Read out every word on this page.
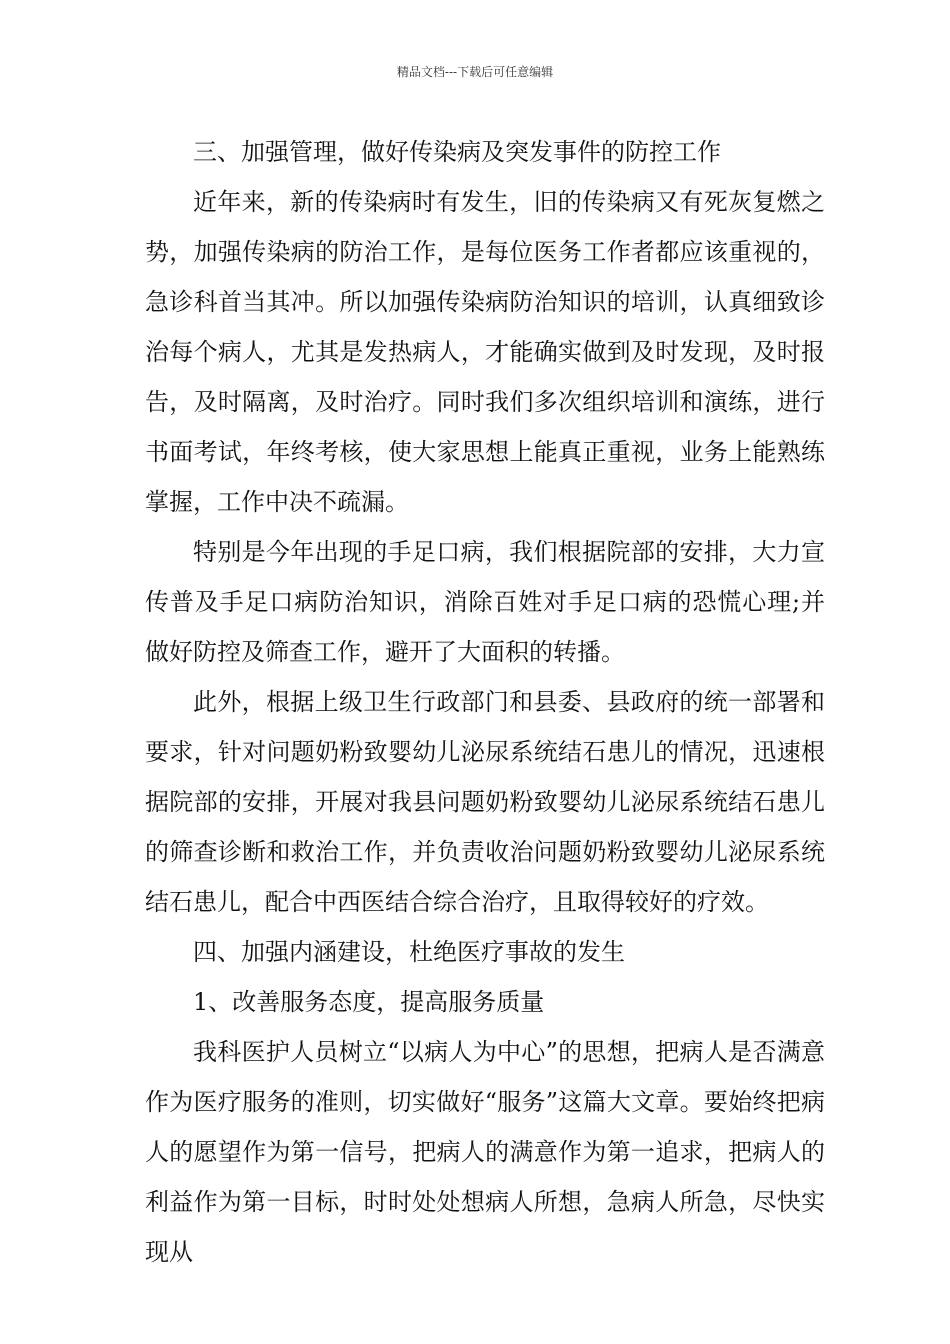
精品文档---下载后可任意编辑

三、加强管理，做好传染病及突发事件的防控工作

近年来，新的传染病时有发生，旧的传染病又有死灰复燃之势，加强传染病的防治工作，是每位医务工作者都应该重视的，急诊科首当其冲。所以加强传染病防治知识的培训，认真细致诊治每个病人，尤其是发热病人，才能确实做到及时发现，及时报告，及时隔离，及时治疗。同时我们多次组织培训和演练，进行书面考试，年终考核，使大家思想上能真正重视，业务上能熟练掌握，工作中决不疏漏。

特别是今年出现的手足口病，我们根据院部的安排，大力宣传普及手足口病防治知识，消除百姓对手足口病的恐慌心理;并做好防控及筛查工作，避开了大面积的转播。

此外，根据上级卫生行政部门和县委、县政府的统一部署和要求，针对问题奶粉致婴幼儿泌尿系统结石患儿的情况，迅速根据院部的安排，开展对我县问题奶粉致婴幼儿泌尿系统结石患儿的筛查诊断和救治工作，并负责收治问题奶粉致婴幼儿泌尿系统结石患儿，配合中西医结合综合治疗，且取得较好的疗效。

四、加强内涵建设，杜绝医疗事故的发生

1、改善服务态度，提高服务质量

我科医护人员树立“以病人为中心”的思想，把病人是否满意作为医疗服务的准则，切实做好“服务”这篇大文章。要始终把病人的愿望作为第一信号，把病人的满意作为第一追求，把病人的利益作为第一目标，时时处处想病人所想，急病人所急，尽快实现从
